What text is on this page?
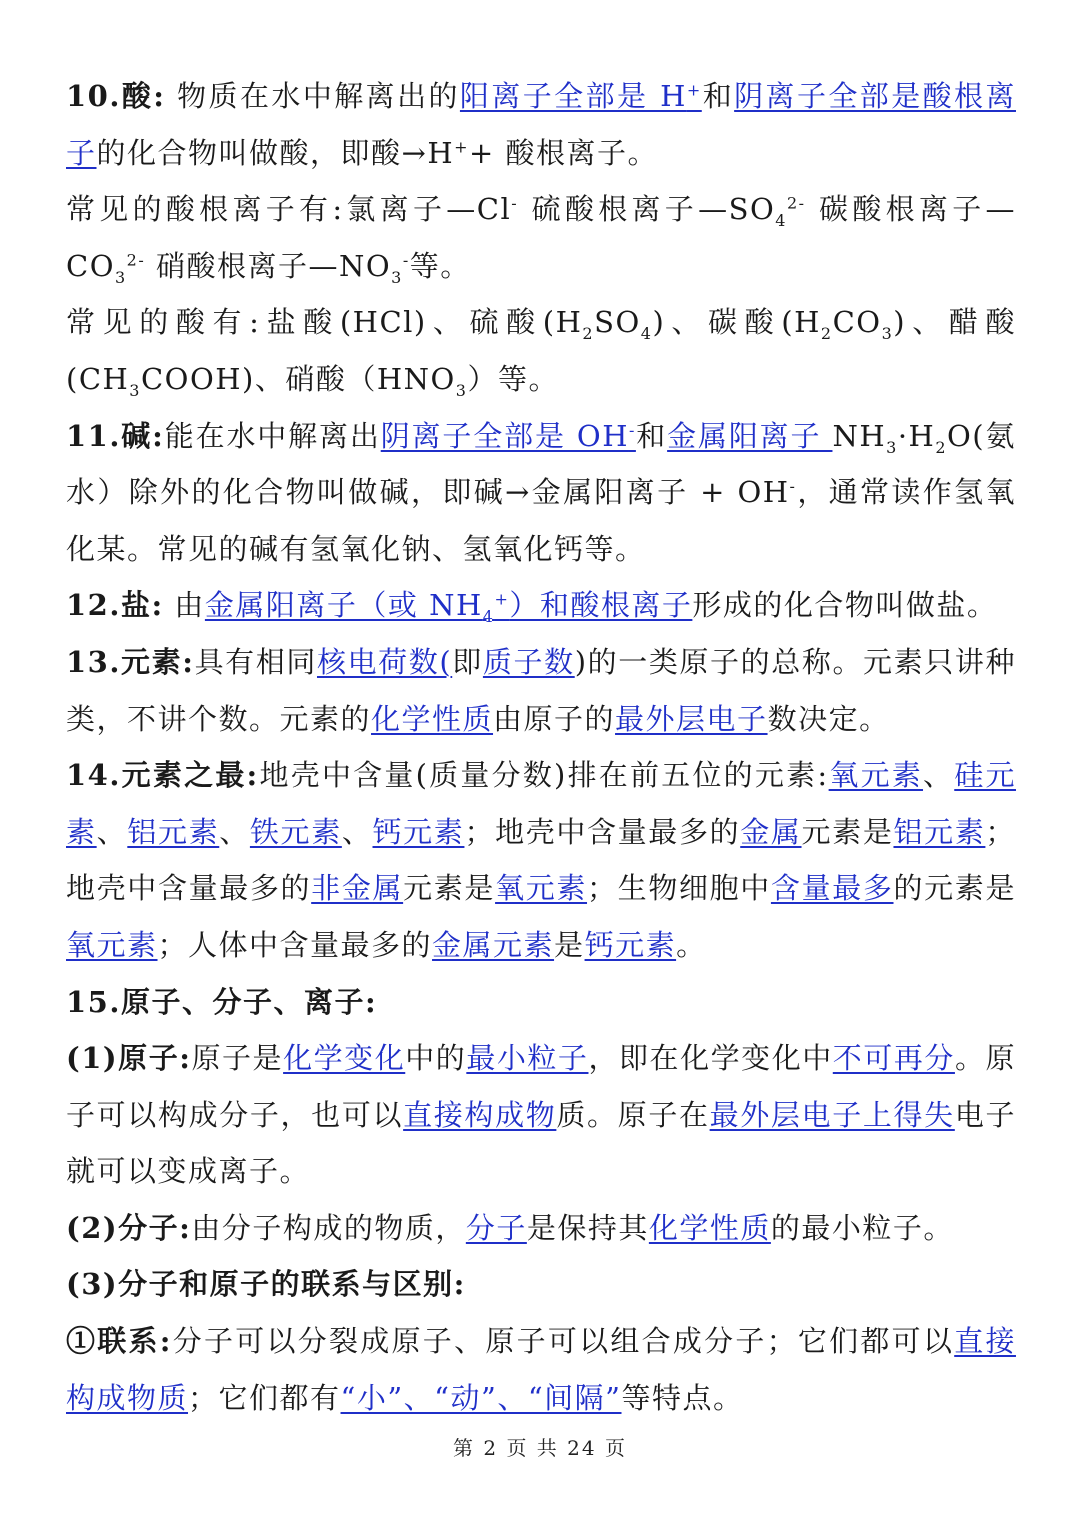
10.酸: 物质在水中解离出的阳离子全部是 H+和阴离子全部是酸根离子的化合物叫做酸，即酸→H++ 酸根离子。

常见的酸根离子有:氯离子—Cl- 硫酸根离子$—SO_4^{2-}$ 碳酸根离子$—CO_3^{2-}$ 硝酸根离子$—NO_3^-$等。

常见的酸有:盐酸(HCl)、硫酸$(H_2SO_4)$、碳酸$(H_2CO_3)$、醋酸$(CH_3COOH)$、硝酸$(HNO_3)$等。

11.碱:能在水中解离出阴离子全部是 OH-和金属阳离子 $NH_3\cdot H_2O$(氨水）除外的化合物叫做碱，即碱→金属阳离子 + OH-，通常读作氢氧化某。常见的碱有氢氧化钠、氢氧化钙等。

12.盐: 由金属阳离子（或 $NH_4^+$）和酸根离子形成的化合物叫做盐。

13.元素:具有相同核电荷数(即质子数)的一类原子的总称。元素只讲种类，不讲个数。元素的化学性质由原子的最外层电子数决定。

14.元素之最:地壳中含量(质量分数)排在前五位的元素:氧元素、硅元素、铝元素、铁元素、钙元素；地壳中含量最多的金属元素是铝元素；地壳中含量最多的非金属元素是氧元素；生物细胞中含量最多的元素是氧元素；人体中含量最多的金属元素是钙元素。

15.原子、分子、离子:

(1)原子:原子是化学变化中的最小粒子，即在化学变化中不可再分。原子可以构成分子，也可以直接构成物质。原子在最外层电子上得失电子就可以变成离子。

(2)分子:由分子构成的物质，分子是保持其化学性质的最小粒子。

(3)分子和原子的联系与区别:

①联系:分子可以分裂成原子、原子可以组合成分子；它们都可以直接构成物质；它们都有“小”、“动”、“间隔”等特点。

第 2 页 共 24 页
